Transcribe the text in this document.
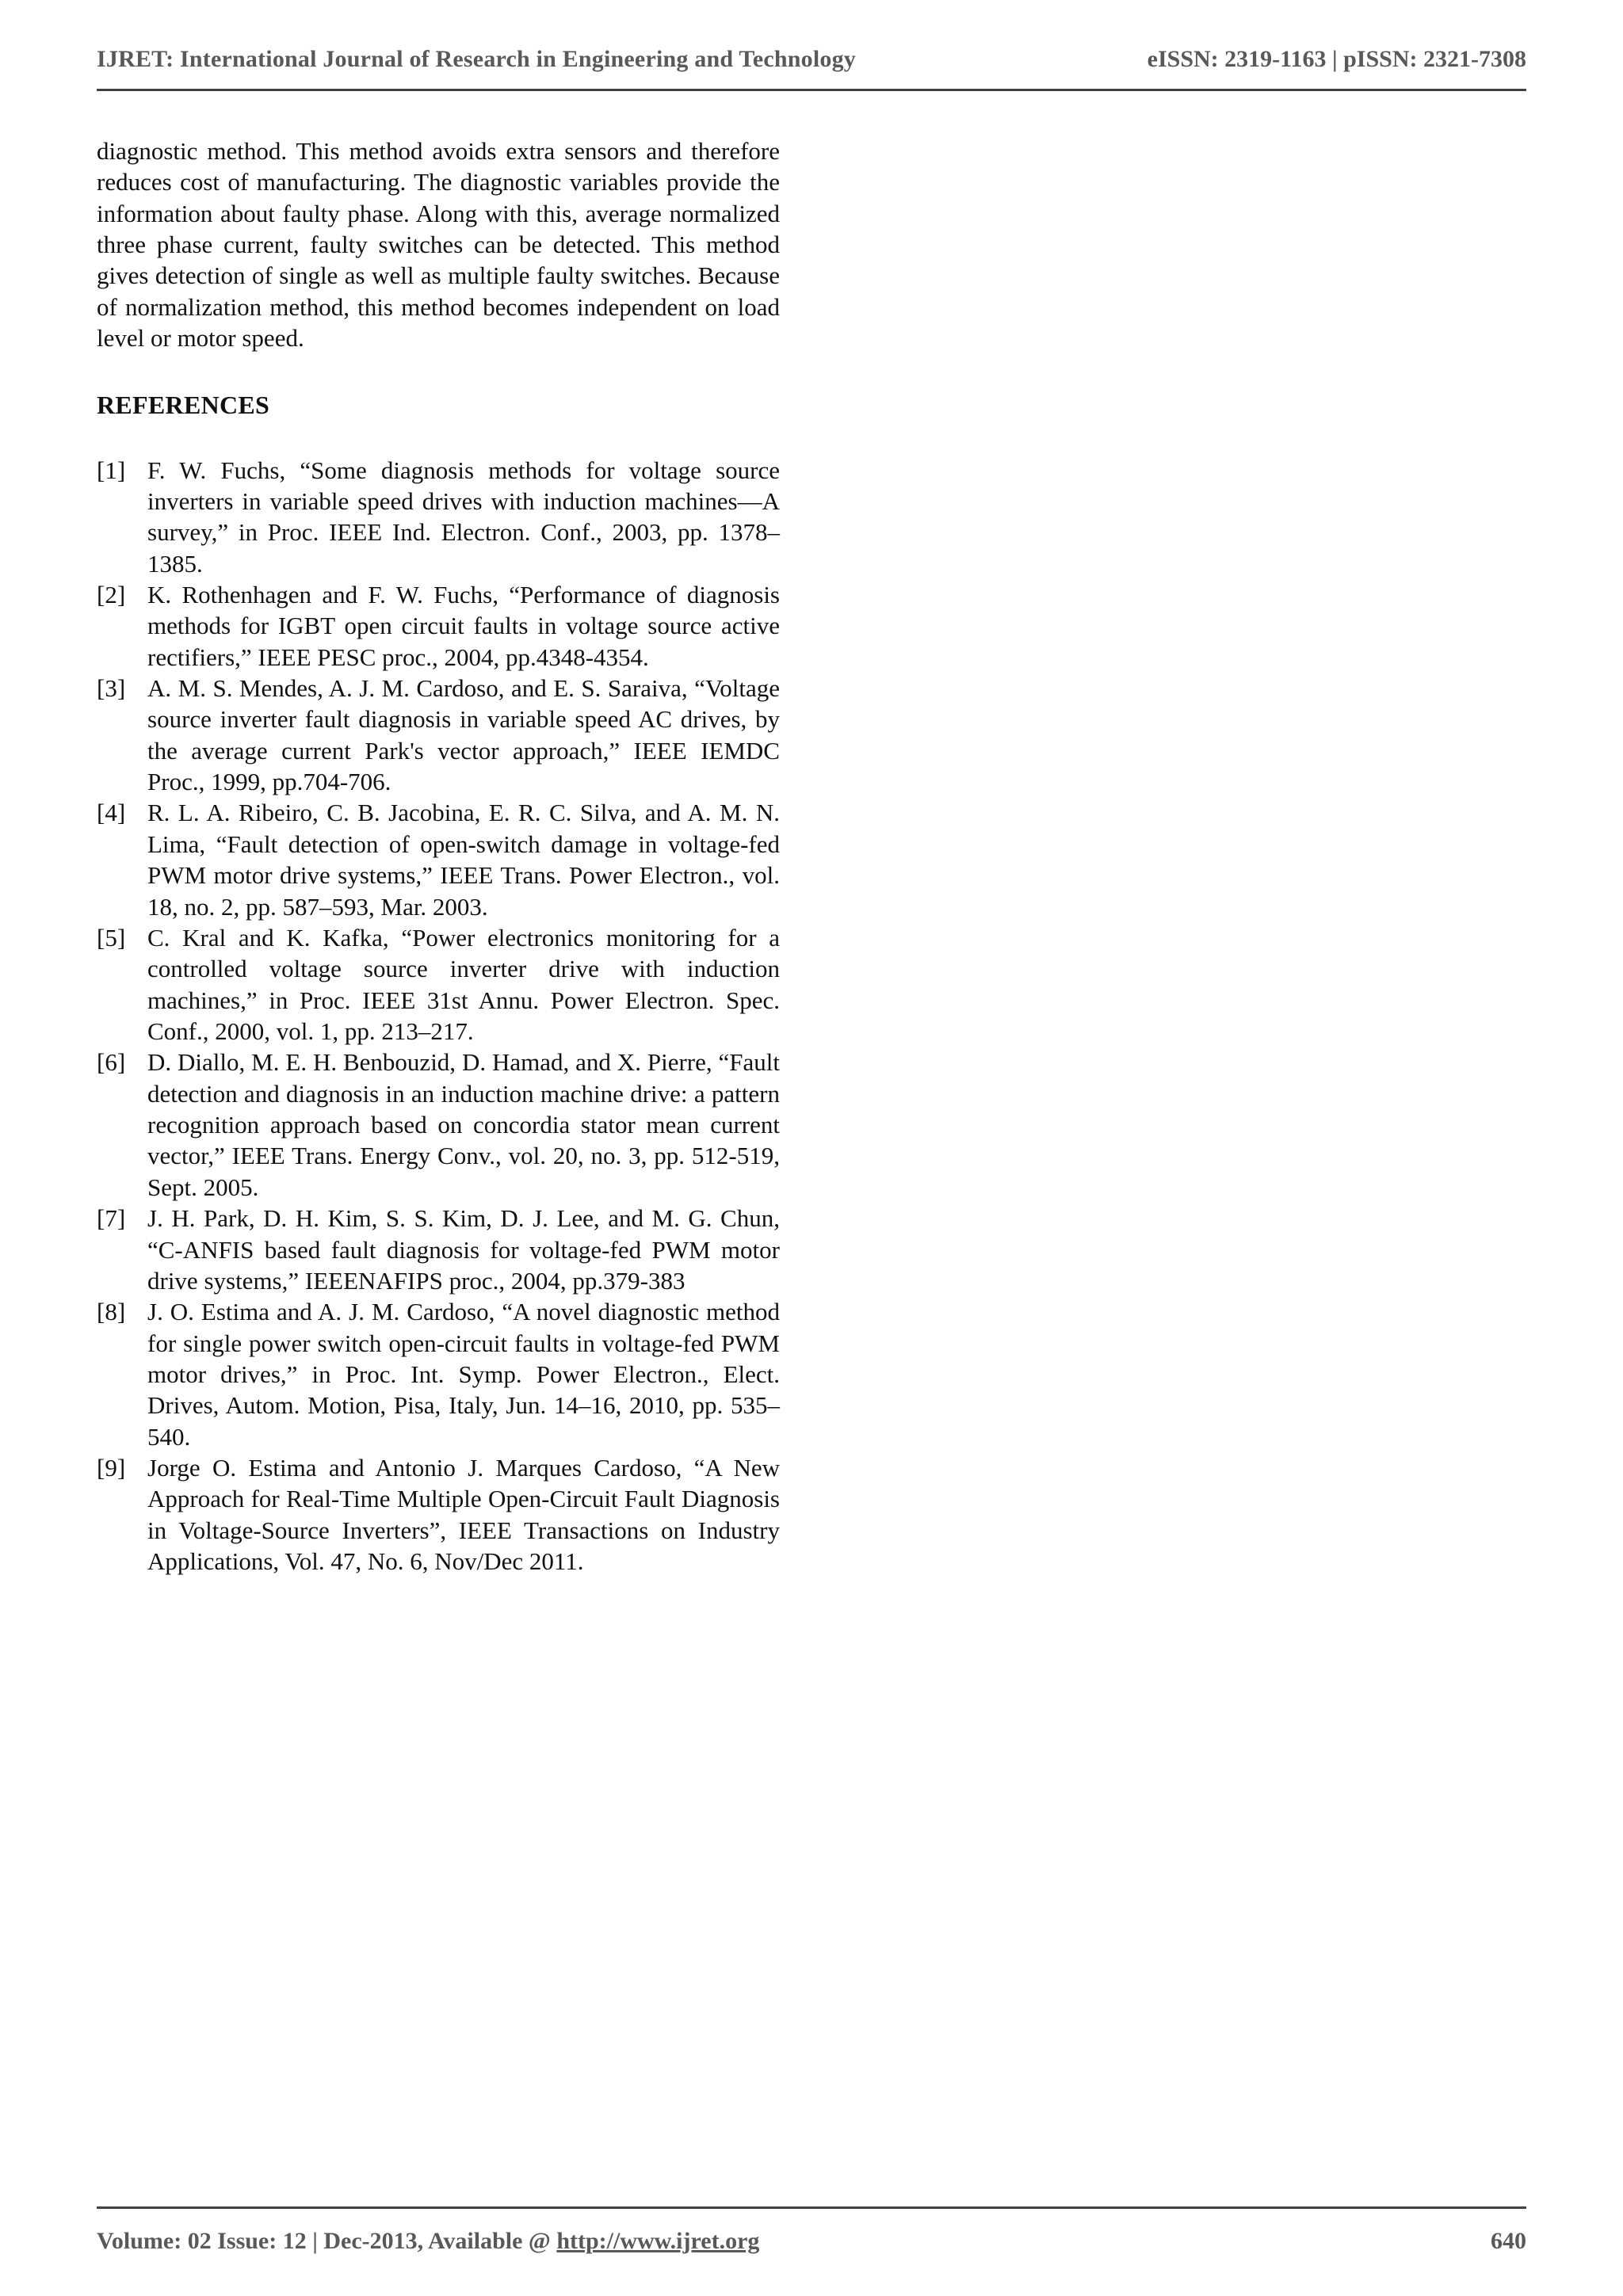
IJRET: International Journal of Research in Engineering and Technology	eISSN: 2319-1163 | pISSN: 2321-7308

diagnostic method. This method avoids extra sensors and therefore reduces cost of manufacturing. The diagnostic variables provide the information about faulty phase. Along with this, average normalized three phase current, faulty switches can be detected. This method gives detection of single as well as multiple faulty switches. Because of normalization method, this method becomes independent on load level or motor speed.

REFERENCES
[1] F. W. Fuchs, “Some diagnosis methods for voltage source inverters in variable speed drives with induction machines—A survey,” in Proc. IEEE Ind. Electron. Conf., 2003, pp. 1378–1385.
[2] K. Rothenhagen and F. W. Fuchs, “Performance of diagnosis methods for IGBT open circuit faults in voltage source active rectifiers,” IEEE PESC proc., 2004, pp.4348-4354.
[3] A. M. S. Mendes, A. J. M. Cardoso, and E. S. Saraiva, “Voltage source inverter fault diagnosis in variable speed AC drives, by the average current Park's vector approach,” IEEE IEMDC Proc., 1999, pp.704-706.
[4] R. L. A. Ribeiro, C. B. Jacobina, E. R. C. Silva, and A. M. N. Lima, “Fault detection of open-switch damage in voltage-fed PWM motor drive systems,” IEEE Trans. Power Electron., vol. 18, no. 2, pp. 587–593, Mar. 2003.
[5] C. Kral and K. Kafka, “Power electronics monitoring for a controlled voltage source inverter drive with induction machines,” in Proc. IEEE 31st Annu. Power Electron. Spec. Conf., 2000, vol. 1, pp. 213–217.
[6] D. Diallo, M. E. H. Benbouzid, D. Hamad, and X. Pierre, “Fault detection and diagnosis in an induction machine drive: a pattern recognition approach based on concordia stator mean current vector,” IEEE Trans. Energy Conv., vol. 20, no. 3, pp. 512-519, Sept. 2005.
[7] J. H. Park, D. H. Kim, S. S. Kim, D. J. Lee, and M. G. Chun, “C-ANFIS based fault diagnosis for voltage-fed PWM motor drive systems,” IEEENAFIPS proc., 2004, pp.379-383
[8] J. O. Estima and A. J. M. Cardoso, “A novel diagnostic method for single power switch open-circuit faults in voltage-fed PWM motor drives,” in Proc. Int. Symp. Power Electron., Elect. Drives, Autom. Motion, Pisa, Italy, Jun. 14–16, 2010, pp. 535–540.
[9] Jorge O. Estima and Antonio J. Marques Cardoso, “A New Approach for Real-Time Multiple Open-Circuit Fault Diagnosis in Voltage-Source Inverters”, IEEE Transactions on Industry Applications, Vol. 47, No. 6, Nov/Dec 2011.
Volume: 02 Issue: 12 | Dec-2013, Available @ http://www.ijret.org	640
